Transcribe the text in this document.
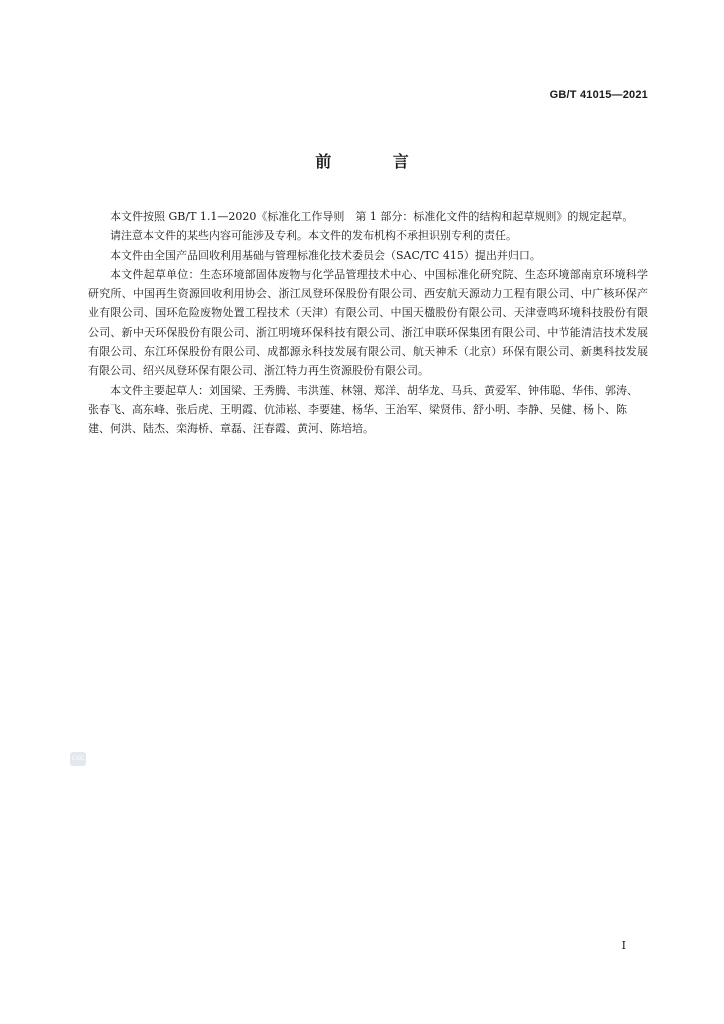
GB/T 41015—2021
前 言

本文件按照 GB/T 1.1—2020《标准化工作导则　第 1 部分：标准化文件的结构和起草规则》的规定起草。

请注意本文件的某些内容可能涉及专利。本文件的发布机构不承担识别专利的责任。

本文件由全国产品回收利用基础与管理标准化技术委员会（SAC/TC 415）提出并归口。

本文件起草单位：生态环境部固体废物与化学品管理技术中心、中国标准化研究院、生态环境部南京环境科学研究所、中国再生资源回收利用协会、浙江凤登环保股份有限公司、西安航天源动力工程有限公司、中广核环保产业有限公司、国环危险废物处置工程技术（天津）有限公司、中国天楹股份有限公司、天津壹鸣环境科技股份有限公司、新中天环保股份有限公司、浙江明境环保科技有限公司、浙江申联环保集团有限公司、中节能清洁技术发展有限公司、东江环保股份有限公司、成都源永科技发展有限公司、航天神禾（北京）环保有限公司、新奥科技发展有限公司、绍兴凤登环保有限公司、浙江特力再生资源股份有限公司。

本文件主要起草人：刘国梁、王秀腾、韦洪莲、林翎、郑洋、胡华龙、马兵、黄爱军、钟伟聪、华伟、郭涛、张春飞、高东峰、张后虎、王明霞、伉沛崧、李要建、杨华、王治军、梁贤伟、舒小明、李静、吴健、杨卜、陈建、何洪、陆杰、栾海桥、章磊、汪春霞、黄河、陈培培。

CSC
I
